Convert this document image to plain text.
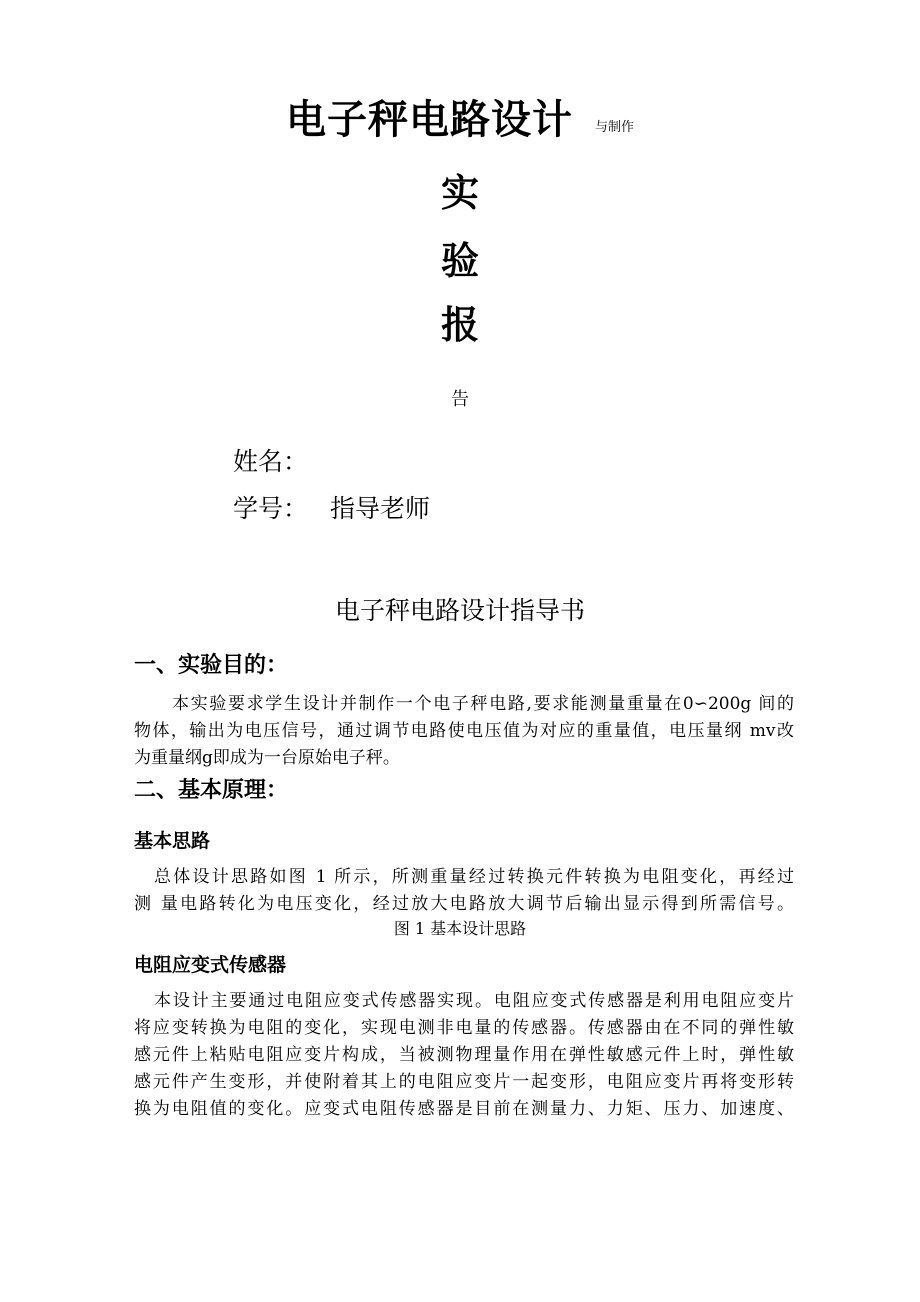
电子秤电路设计 与制作
实
验
报
告
姓名：
学号： 指导老师
电子秤电路设计指导书
一、实验目的：
本实验要求学生设计并制作一个电子秤电路,要求能测量重量在0∽200g 间的
物体，输出为电压信号，通过调节电路使电压值为对应的重量值，电压量纲 mv改
为重量纲g即成为一台原始电子秤。
二、基本原理：
基本思路
总体设计思路如图 1 所示，所测重量经过转换元件转换为电阻变化，再经过
测 量电路转化为电压变化，经过放大电路放大调节后输出显示得到所需信号。
图 1 基本设计思路
电阻应变式传感器
本设计主要通过电阻应变式传感器实现。电阻应变式传感器是利用电阻应变片
将应变转换为电阻的变化，实现电测非电量的传感器。传感器由在不同的弹性敏
感元件上粘贴电阻应变片构成，当被测物理量作用在弹性敏感元件上时，弹性敏
感元件产生变形，并使附着其上的电阻应变片一起变形，电阻应变片再将变形转
换为电阻值的变化。应变式电阻传感器是目前在测量力、力矩、压力、加速度、
